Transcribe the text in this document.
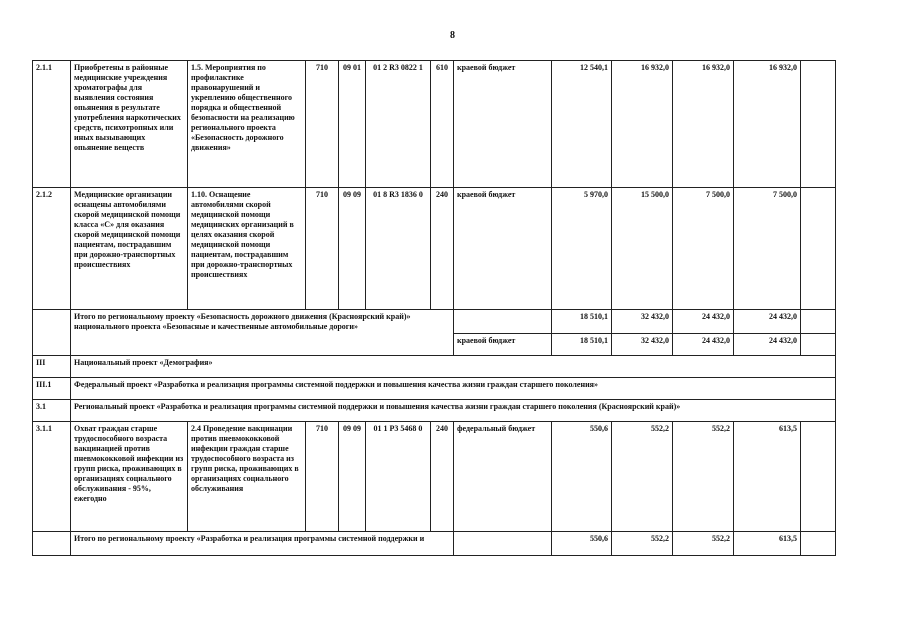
8
2.1.1	Приобретены в районные медицинские учреждения хроматографы для выявления состояния опьянения в результате употребления наркотических средств, психотропных или иных вызывающих опьянение веществ	1.5. Мероприятия по профилактике правонарушений и укреплению общественного порядка и общественной безопасности на реализацию регионального проекта «Безопасность дорожного движения»	710	09 01	01 2 R3 0822 1	610	краевой бюджет	12 540,1	16 932,0	16 932,0	16 932,0	
2.1.2	Медицинские организации оснащены автомобилями скорой медицинской помощи класса «С» для оказания скорой медицинской помощи пациентам, пострадавшим при дорожно-транспортных происшествиях	1.10. Оснащение автомобилями скорой медицинской помощи медицинских организаций в целях оказания скорой медицинской помощи пациентам, пострадавшим при дорожно-транспортных происшествиях	710	09 09	01 8 R3 1836 0	240	краевой бюджет	5 970,0	15 500,0	7 500,0	7 500,0	
	Итого по региональному проекту «Безопасность дорожного движения (Красноярский край)» национального проекта «Безопасные и качественные автомобильные дороги»							18 510,1	32 432,0	24 432,0	24 432,0	
							краевой бюджет	18 510,1	32 432,0	24 432,0	24 432,0	
III	Национальный проект «Демография»											
III.1	Федеральный проект «Разработка и реализация программы системной поддержки и повышения качества жизни граждан старшего поколения»											
3.1	Региональный проект «Разработка и реализация программы системной поддержки и повышения качества жизни граждан старшего поколения (Красноярский край)»											
3.1.1	Охват граждан старше трудоспособного возраста вакцинацией против пневмококковой инфекции из групп риска, проживающих в организациях социального обслуживания - 95%, ежегодно	2.4 Проведение вакцинации против пневмококковой инфекции граждан старше трудоспособного возраста из групп риска, проживающих в организациях социального обслуживания	710	09 09	01 1 P3 5468 0	240	федеральный бюджет	550,6	552,2	552,2	613,5	
	Итого по региональному проекту «Разработка и реализация программы системной поддержки и							550,6	552,2	552,2	613,5	
